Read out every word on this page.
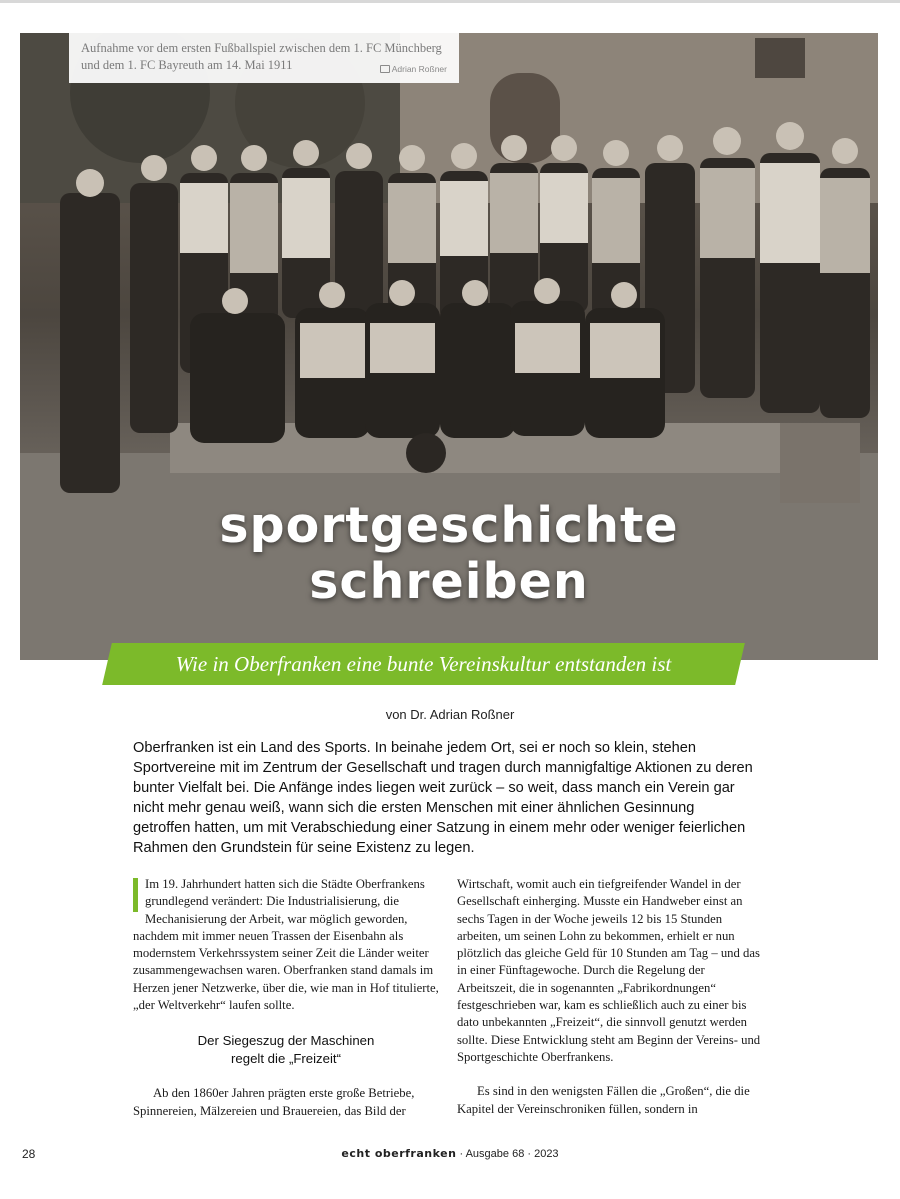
Aufnahme vor dem ersten Fußballspiel zwischen dem 1. FC Münchberg und dem 1. FC Bayreuth am 14. Mai 1911	Adrian Roßner
sportgeschichte
schreiben
Wie in Oberfranken eine bunte Vereinskultur entstanden ist
von Dr. Adrian Roßner

Oberfranken ist ein Land des Sports. In beinahe jedem Ort, sei er noch so klein, stehen Sportvereine mit im Zentrum der Gesellschaft und tragen durch mannigfaltige Aktionen zu deren bunter Vielfalt bei. Die Anfänge indes liegen weit zurück – so weit, dass manch ein Verein gar nicht mehr genau weiß, wann sich die ersten Menschen mit einer ähnlichen Gesinnung getroffen hatten, um mit Verabschiedung einer Satzung in einem mehr oder weniger feierlichen Rahmen den Grundstein für seine Existenz zu legen.

Im 19. Jahrhundert hatten sich die Städte Oberfrankens grundlegend verändert: Die Industrialisierung, die Mechanisierung der Arbeit, war möglich geworden, nachdem mit immer neuen Trassen der Eisenbahn als modernstem Verkehrssystem seiner Zeit die Länder weiter zusammengewachsen waren. Oberfranken stand damals im Herzen jener Netzwerke, über die, wie man in Hof titulierte, „der Weltverkehr“ laufen sollte.

Der Siegeszug der Maschinen
regelt die „Freizeit“

Ab den 1860er Jahren prägten erste große Betriebe, Spinnereien, Mälzereien und Brauereien, das Bild der

Wirtschaft, womit auch ein tiefgreifender Wandel in der Gesellschaft einherging. Musste ein Handweber einst an sechs Tagen in der Woche jeweils 12 bis 15 Stunden arbeiten, um seinen Lohn zu bekommen, erhielt er nun plötzlich das gleiche Geld für 10 Stunden am Tag – und das in einer Fünftagewoche. Durch die Regelung der Arbeitszeit, die in sogenannten „Fabrikordnungen“ festgeschrieben war, kam es schließlich auch zu einer bis dato unbekannten „Freizeit“, die sinnvoll genutzt werden sollte. Diese Entwicklung steht am Beginn der Vereins- und Sportgeschichte Oberfrankens.

Es sind in den wenigsten Fällen die „Großen“, die die Kapitel der Vereinschroniken füllen, sondern in

28	echt oberfranken · Ausgabe 68 · 2023
